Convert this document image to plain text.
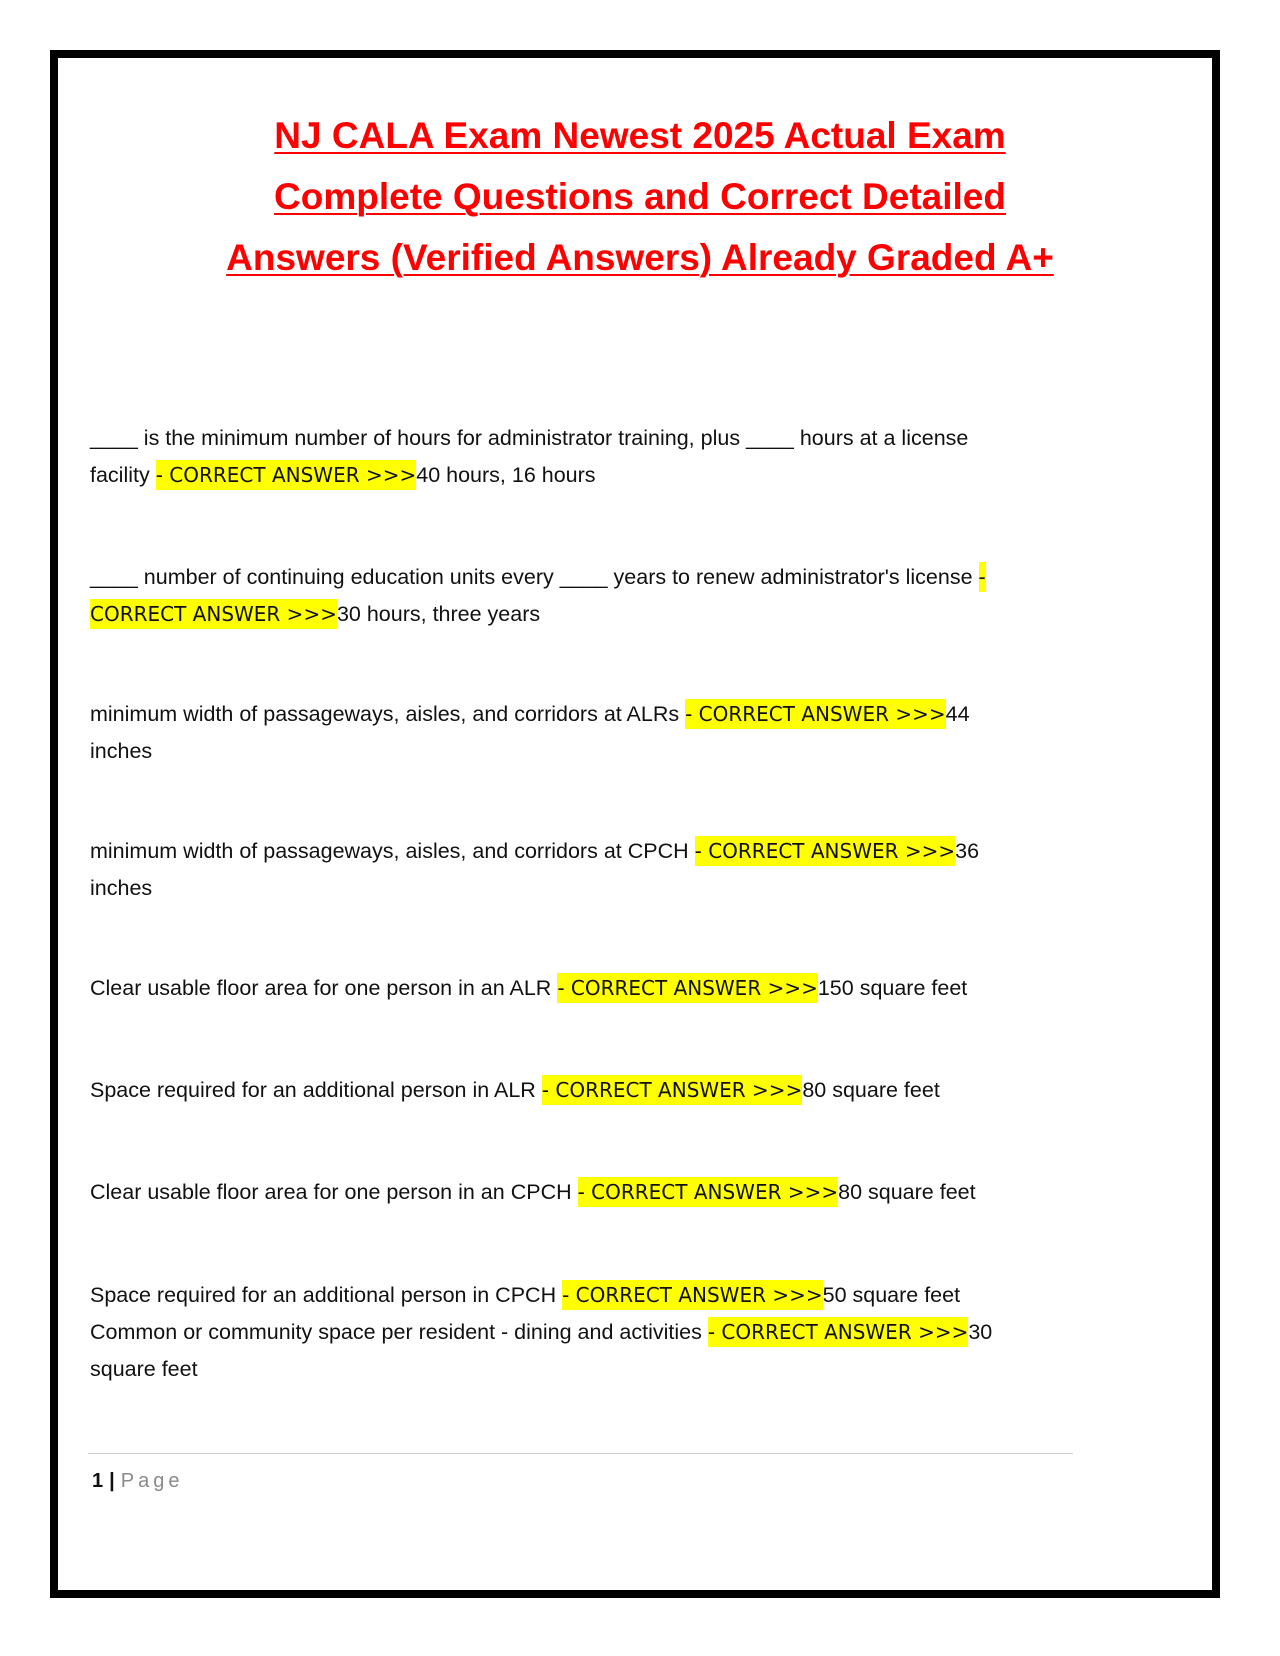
NJ CALA Exam Newest 2025 Actual Exam
Complete Questions and Correct Detailed
Answers (Verified Answers) Already Graded A+
____ is the minimum number of hours for administrator training, plus ____ hours at a license
facility - CORRECT ANSWER >>>40 hours, 16 hours
____ number of continuing education units every ____ years to renew administrator's license -
CORRECT ANSWER >>>30 hours, three years
minimum width of passageways, aisles, and corridors at ALRs - CORRECT ANSWER >>>44
inches
minimum width of passageways, aisles, and corridors at CPCH - CORRECT ANSWER >>>36
inches
Clear usable floor area for one person in an ALR - CORRECT ANSWER >>>150 square feet
Space required for an additional person in ALR - CORRECT ANSWER >>>80 square feet
Clear usable floor area for one person in an CPCH - CORRECT ANSWER >>>80 square feet
Space required for an additional person in CPCH - CORRECT ANSWER >>>50 square feet
Common or community space per resident - dining and activities - CORRECT ANSWER >>>30
square feet
1 | Page
